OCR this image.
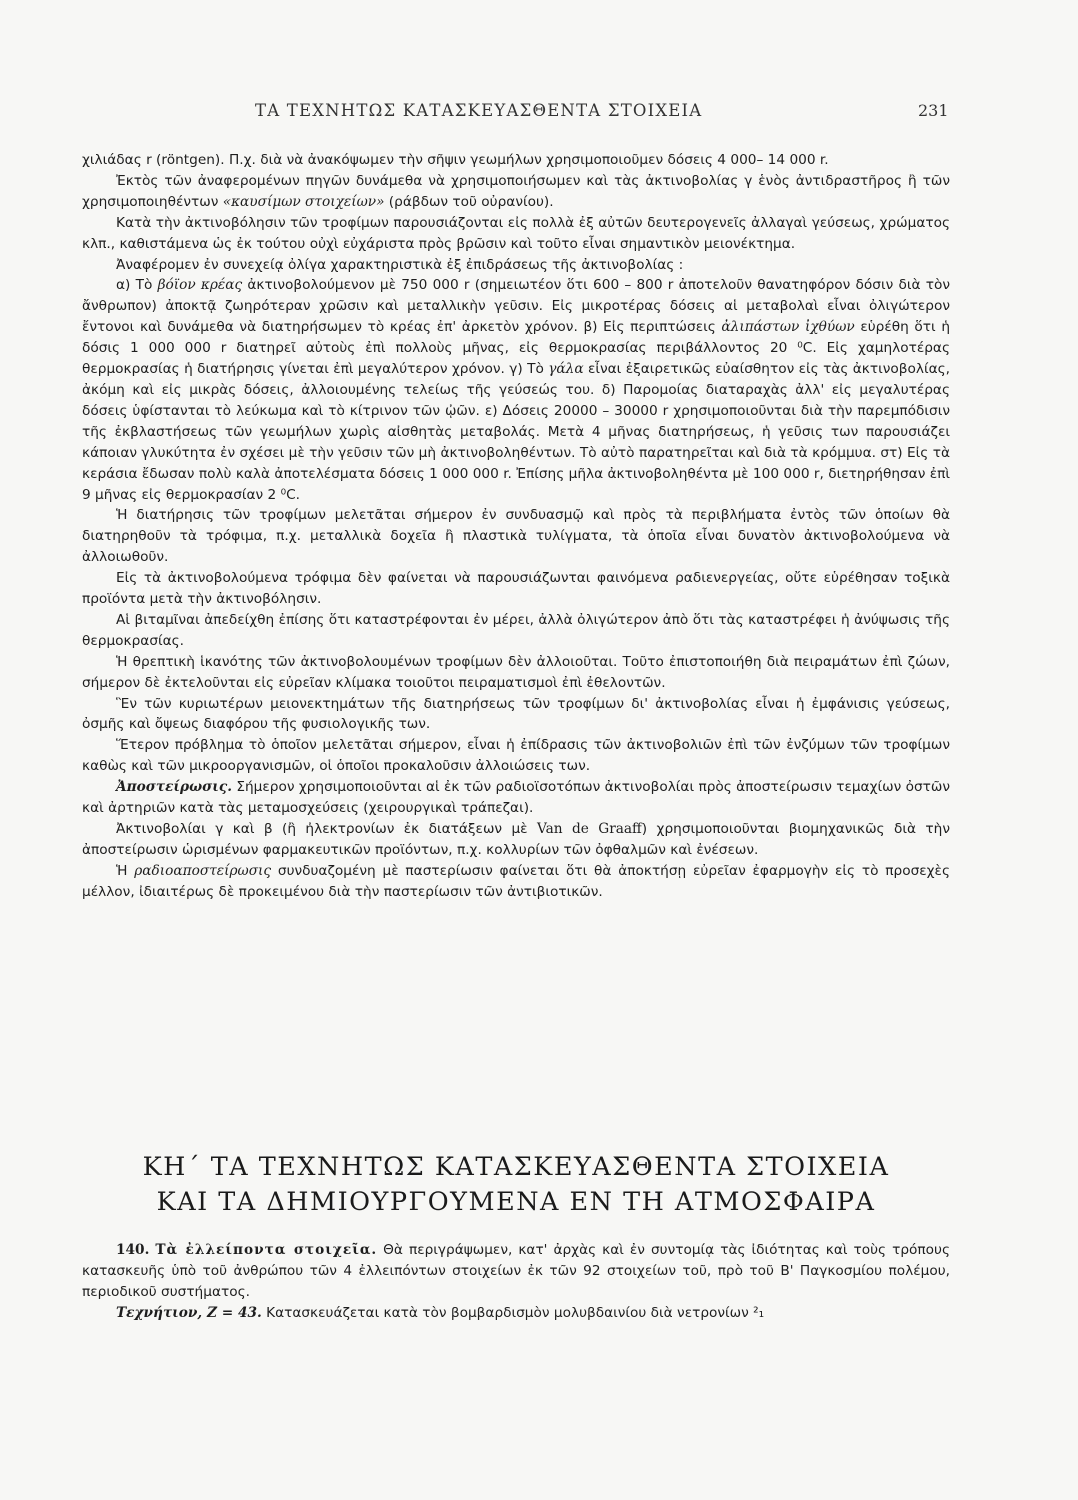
ΤΑ ΤΕΧΝΗΤΩΣ ΚΑΤΑΣΚΕΥΑΣΘΕΝΤΑ ΣΤΟΙΧΕΙΑ	231

χιλιάδας r (röntgen). Π.χ. διὰ νὰ ἀνακόψωμεν τὴν σῆψιν γεωμήλων χρησιμοποιοῦμεν δόσεις 4 000– 14 000 r.

Ἐκτὸς τῶν ἀναφερομένων πηγῶν δυνάμεθα νὰ χρησιμοποιήσωμεν καὶ τὰς ἀκτινοβολίας γ ἑνὸς ἀντιδραστῆρος ἢ τῶν χρησιμοποιηθέντων «καυσίμων στοιχείων» (ράβδων τοῦ οὐρανίου).

Κατὰ τὴν ἀκτινοβόλησιν τῶν τροφίμων παρουσιάζονται εἰς πολλὰ ἐξ αὐτῶν δευτερογενεῖς ἀλλαγαὶ γεύσεως, χρώματος κλπ., καθιστάμενα ὡς ἐκ τούτου οὐχὶ εὐχάριστα πρὸς βρῶσιν καὶ τοῦτο εἶναι σημαντικὸν μειονέκτημα.

Ἀναφέρομεν ἐν συνεχείᾳ ὀλίγα χαρακτηριστικὰ ἐξ ἐπιδράσεως τῆς ἀκτινοβολίας :

α) Τὸ βόϊον κρέας ἀκτινοβολούμενον μὲ 750 000 r (σημειωτέον ὅτι 600 – 800 r ἀποτελοῦν θανατηφόρον δόσιν διὰ τὸν ἄνθρωπον) ἀποκτᾷ ζωηρότεραν χρῶσιν καὶ μεταλλικὴν γεῦσιν. Εἰς μικροτέρας δόσεις αἱ μεταβολαὶ εἶναι ὀλιγώτερον ἔντονοι καὶ δυνάμεθα νὰ διατηρήσωμεν τὸ κρέας ἐπ' ἀρκετὸν χρόνον. β) Εἰς περιπτώσεις ἀλιπάστων ἰχθύων εὑρέθη ὅτι ἡ δόσις 1 000 000 r διατηρεῖ αὐτοὺς ἐπὶ πολλοὺς μῆνας, εἰς θερμοκρασίας περιβάλλοντος 20 ⁰C. Εἰς χαμηλοτέρας θερμοκρασίας ἡ διατήρησις γίνεται ἐπὶ μεγαλύτερον χρόνον. γ) Τὸ γάλα εἶναι ἐξαιρετικῶς εὐαίσθητον εἰς τὰς ἀκτινοβολίας, ἀκόμη καὶ εἰς μικρὰς δόσεις, ἀλλοιουμένης τελείως τῆς γεύσεώς του. δ) Παρομοίας διαταραχὰς ἀλλ' εἰς μεγαλυτέρας δόσεις ὑφίστανται τὸ λεύκωμα καὶ τὸ κίτρινον τῶν ᾠῶν. ε) Δόσεις 20000 – 30000 r χρησιμοποιοῦνται διὰ τὴν παρεμπόδισιν τῆς ἐκβλαστήσεως τῶν γεωμήλων χωρὶς αἰσθητὰς μεταβολάς. Μετὰ 4 μῆνας διατηρήσεως, ἡ γεῦσις των παρουσιάζει κάποιαν γλυκύτητα ἐν σχέσει μὲ τὴν γεῦσιν τῶν μὴ ἀκτινοβοληθέντων. Τὸ αὐτὸ παρατηρεῖται καὶ διὰ τὰ κρόμμυα. στ) Εἰς τὰ κεράσια ἔδωσαν πολὺ καλὰ ἀποτελέσματα δόσεις 1 000 000 r. Ἐπίσης μῆλα ἀκτινοβοληθέντα μὲ 100 000 r, διετηρήθησαν ἐπὶ 9 μῆνας εἰς θερμοκρασίαν 2 ⁰C.

Ἡ διατήρησις τῶν τροφίμων μελετᾶται σήμερον ἐν συνδυασμῷ καὶ πρὸς τὰ περιβλήματα ἐντὸς τῶν ὁποίων θὰ διατηρηθοῦν τὰ τρόφιμα, π.χ. μεταλλικὰ δοχεῖα ἢ πλαστικὰ τυλίγματα, τὰ ὁποῖα εἶναι δυνατὸν ἀκτινοβολούμενα νὰ ἀλλοιωθοῦν.

Εἰς τὰ ἀκτινοβολούμενα τρόφιμα δὲν φαίνεται νὰ παρουσιάζωνται φαινόμενα ραδιενεργείας, οὔτε εὑρέθησαν τοξικὰ προϊόντα μετὰ τὴν ἀκτινοβόλησιν.

Αἱ βιταμῖναι ἀπεδείχθη ἐπίσης ὅτι καταστρέφονται ἐν μέρει, ἀλλὰ ὀλιγώτερον ἀπὸ ὅτι τὰς καταστρέφει ἡ ἀνύψωσις τῆς θερμοκρασίας.

Ἡ θρεπτικὴ ἱκανότης τῶν ἀκτινοβολουμένων τροφίμων δὲν ἀλλοιοῦται. Τοῦτο ἐπιστοποιήθη διὰ πειραμάτων ἐπὶ ζώων, σήμερον δὲ ἐκτελοῦνται εἰς εὐρεῖαν κλίμακα τοιοῦτοι πειραματισμοὶ ἐπὶ ἐθελοντῶν.

Ἓν τῶν κυριωτέρων μειονεκτημάτων τῆς διατηρήσεως τῶν τροφίμων δι' ἀκτινοβολίας εἶναι ἡ ἐμφάνισις γεύσεως, ὀσμῆς καὶ ὄψεως διαφόρου τῆς φυσιολογικῆς των.

Ἕτερον πρόβλημα τὸ ὁποῖον μελετᾶται σήμερον, εἶναι ἡ ἐπίδρασις τῶν ἀκτινοβολιῶν ἐπὶ τῶν ἐνζύμων τῶν τροφίμων καθὼς καὶ τῶν μικροοργανισμῶν, οἱ ὁποῖοι προκαλοῦσιν ἀλλοιώσεις των.

Ἀποστείρωσις. Σήμερον χρησιμοποιοῦνται αἱ ἐκ τῶν ραδιοϊσοτόπων ἀκτινοβολίαι πρὸς ἀποστείρωσιν τεμαχίων ὀστῶν καὶ ἀρτηριῶν κατὰ τὰς μεταμοσχεύσεις (χειρουργικαὶ τράπεζαι).

Ἀκτινοβολίαι γ καὶ β (ἢ ἠλεκτρονίων ἐκ διατάξεων μὲ Van de Graaff) χρησιμοποιοῦνται βιομηχανικῶς διὰ τὴν ἀποστείρωσιν ὡρισμένων φαρμακευτικῶν προϊόντων, π.χ. κολλυρίων τῶν ὀφθαλμῶν καὶ ἐνέσεων.

Ἡ ραδιοαποστείρωσις συνδυαζομένη μὲ παστερίωσιν φαίνεται ὅτι θὰ ἀποκτήσῃ εὐρεῖαν ἐφαρμογὴν εἰς τὸ προσεχὲς μέλλον, ἰδιαιτέρως δὲ προκειμένου διὰ τὴν παστερίωσιν τῶν ἀντιβιοτικῶν.

ΚΗ΄ ΤΑ ΤΕΧΝΗΤΩΣ ΚΑΤΑΣΚΕΥΑΣΘΕΝΤΑ ΣΤΟΙΧΕΙΑ
ΚΑΙ ΤΑ ΔΗΜΙΟΥΡΓΟΥΜΕΝΑ ΕΝ ΤΗ ΑΤΜΟΣΦΑΙΡΑ

140. Τὰ ἐλλείποντα στοιχεῖα. Θὰ περιγράψωμεν, κατ' ἀρχὰς καὶ ἐν συντομίᾳ τὰς ἰδιότητας καὶ τοὺς τρόπους κατασκευῆς ὑπὸ τοῦ ἀνθρώπου τῶν 4 ἐλλειπόντων στοιχείων ἐκ τῶν 92 στοιχείων τοῦ, πρὸ τοῦ Β' Παγκοσμίου πολέμου, περιοδικοῦ συστήματος.

Τεχνήτιον, Z = 43. Κατασκευάζεται κατὰ τὸν βομβαρδισμὸν μολυβδαινίου διὰ νετρονίων ²₁
